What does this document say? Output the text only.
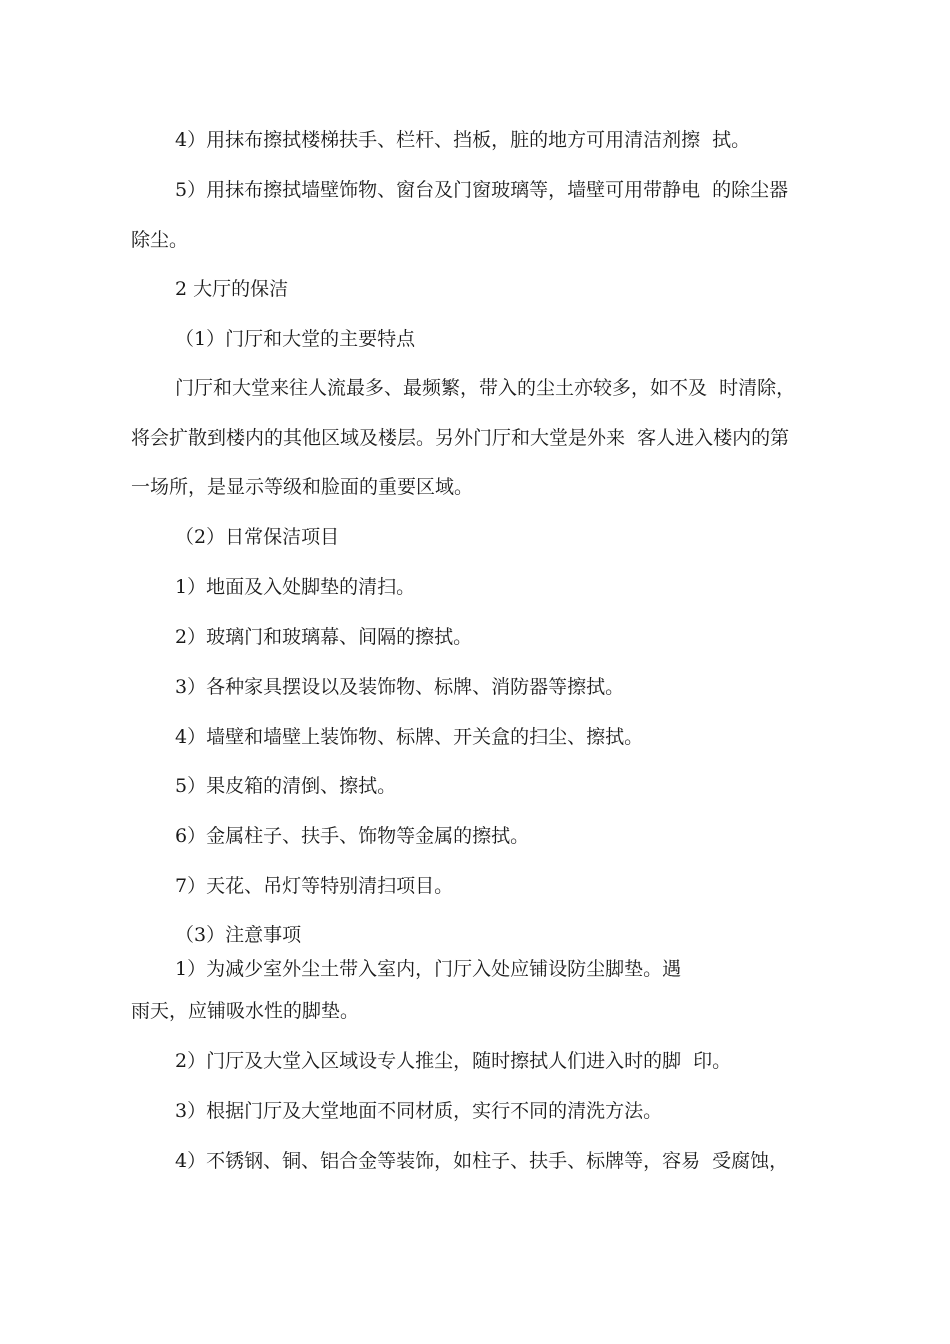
4）用抹布擦拭楼梯扶手、栏杆、挡板，脏的地方可用清洁剂擦  拭。
5）用抹布擦拭墙壁饰物、窗台及门窗玻璃等，墙壁可用带静电  的除尘器
除尘。
2 大厅的保洁
（1）门厅和大堂的主要特点
门厅和大堂来往人流最多、最频繁，带入的尘土亦较多，如不及  时清除，
将会扩散到楼内的其他区域及楼层。另外门厅和大堂是外来  客人进入楼内的第
一场所，是显示等级和脸面的重要区域。
（2）日常保洁项目
1）地面及入处脚垫的清扫。
2）玻璃门和玻璃幕、间隔的擦拭。
3）各种家具摆设以及装饰物、标牌、消防器等擦拭。
4）墙壁和墙壁上装饰物、标牌、开关盒的扫尘、擦拭。
5）果皮箱的清倒、擦拭。
6）金属柱子、扶手、饰物等金属的擦拭。
7）天花、吊灯等特别清扫项目。
（3）注意事项
1）为减少室外尘土带入室内，门厅入处应铺设防尘脚垫。遇
雨天，应铺吸水性的脚垫。
2）门厅及大堂入区域设专人推尘，随时擦拭人们进入时的脚  印。
3）根据门厅及大堂地面不同材质，实行不同的清洗方法。
4）不锈钢、铜、铝合金等装饰，如柱子、扶手、标牌等，容易  受腐蚀，
